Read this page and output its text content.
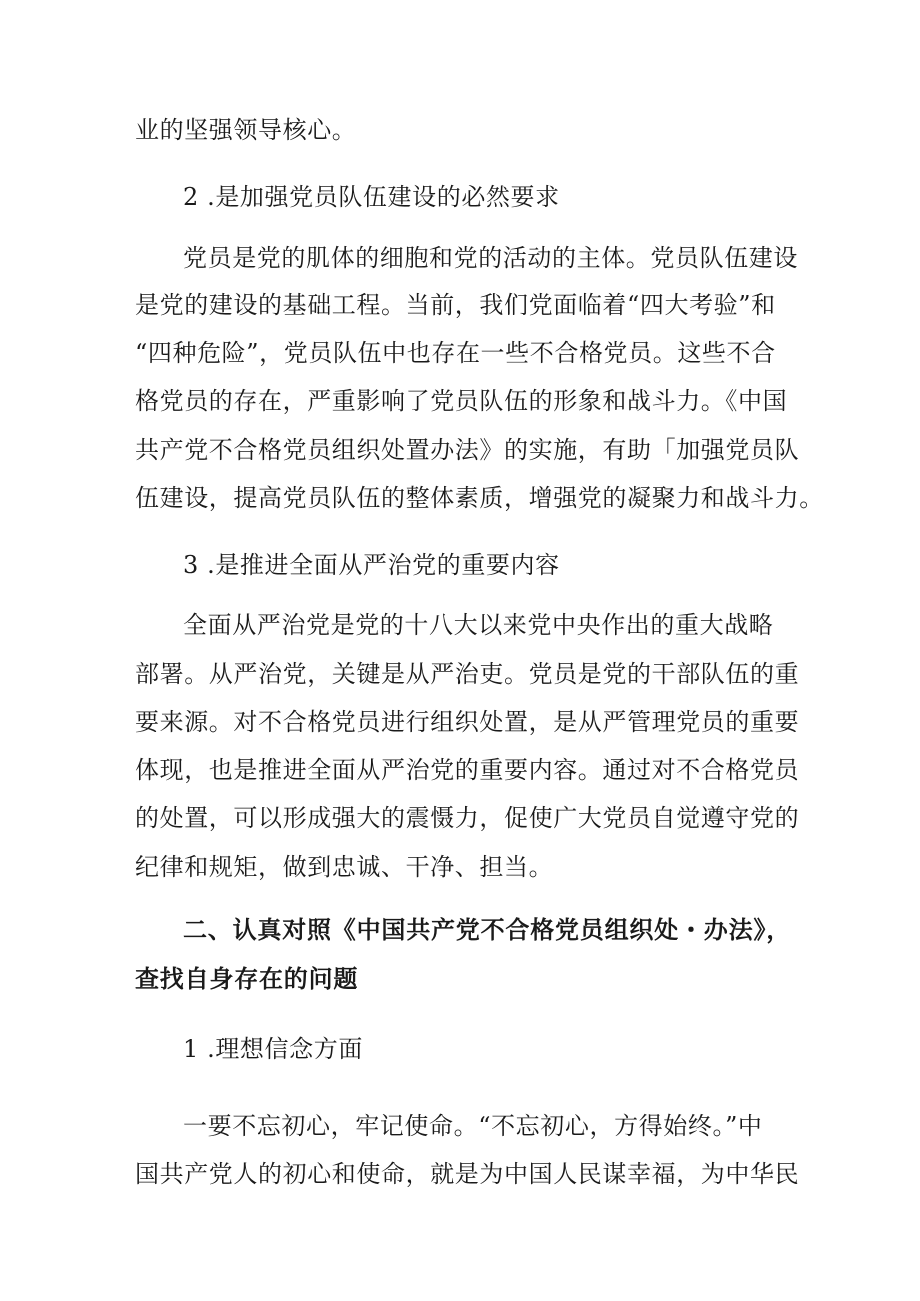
业的坚强领导核心。
2 .是加强党员队伍建设的必然要求
党员是党的肌体的细胞和党的活动的主体。党员队伍建设
是党的建设的基础工程。当前，我们党面临着“四大考验”和
“四种危险”，党员队伍中也存在一些不合格党员。这些不合
格党员的存在，严重影响了党员队伍的形象和战斗力。《中国
共产党不合格党员组织处置办法》的实施，有助「加强党员队
伍建设，提高党员队伍的整体素质，增强党的凝聚力和战斗力。
3 .是推进全面从严治党的重要内容
全面从严治党是党的十八大以来党中央作出的重大战略
部署。从严治党，关键是从严治吏。党员是党的干部队伍的重
要来源。对不合格党员进行组织处置，是从严管理党员的重要
体现，也是推进全面从严治党的重要内容。通过对不合格党员
的处置，可以形成强大的震慑力，促使广大党员自觉遵守党的
纪律和规矩，做到忠诚、干净、担当。
二、认真对照《中国共产党不合格党员组织处・办法》，
查找自身存在的问题
1 .理想信念方面
一要不忘初心，牢记使命。“不忘初心，方得始终。”中
国共产党人的初心和使命，就是为中国人民谋幸福，为中华民
